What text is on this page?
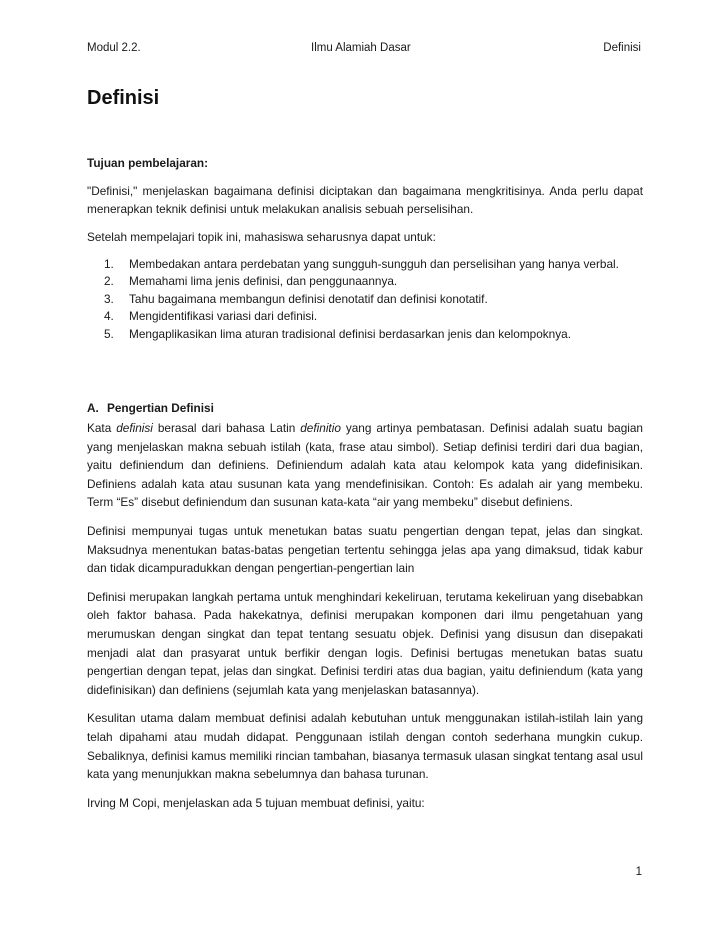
Modul 2.2.	Ilmu Alamiah Dasar	Definisi
Definisi
Tujuan pembelajaran:

"Definisi," menjelaskan bagaimana definisi diciptakan dan bagaimana mengkritisinya. Anda perlu dapat menerapkan teknik definisi untuk melakukan analisis sebuah perselisihan.

Setelah mempelajari topik ini, mahasiswa seharusnya dapat untuk:

1. Membedakan antara perdebatan yang sungguh-sungguh dan perselisihan yang hanya verbal.
2. Memahami lima jenis definisi, dan penggunaannya.
3. Tahu bagaimana membangun definisi denotatif dan definisi konotatif.
4. Mengidentifikasi variasi dari definisi.
5. Mengaplikasikan lima aturan tradisional definisi berdasarkan jenis dan kelompoknya.
A. Pengertian Definisi

Kata definisi berasal dari bahasa Latin definitio yang artinya pembatasan. Definisi adalah suatu bagian yang menjelaskan makna sebuah istilah (kata, frase atau simbol). Setiap definisi terdiri dari dua bagian, yaitu definiendum dan definiens. Definiendum adalah kata atau kelompok kata yang didefinisikan. Definiens adalah kata atau susunan kata yang mendefinisikan. Contoh: Es adalah air yang membeku. Term “Es” disebut definiendum dan susunan kata-kata “air yang membeku” disebut definiens.

Definisi mempunyai tugas untuk menetukan batas suatu pengertian dengan tepat, jelas dan singkat. Maksudnya menentukan batas-batas pengetian tertentu sehingga jelas apa yang dimaksud, tidak kabur dan tidak dicampuradukkan dengan pengertian-pengertian lain

Definisi merupakan langkah pertama untuk menghindari kekeliruan, terutama kekeliruan yang disebabkan oleh faktor bahasa. Pada hakekatnya, definisi merupakan komponen dari ilmu pengetahuan yang merumuskan dengan singkat dan tepat tentang sesuatu objek. Definisi yang disusun dan disepakati menjadi alat dan prasyarat untuk berfikir dengan logis. Definisi bertugas menetukan batas suatu pengertian dengan tepat, jelas dan singkat. Definisi terdiri atas dua bagian, yaitu definiendum (kata yang didefinisikan) dan definiens (sejumlah kata yang menjelaskan batasannya).

Kesulitan utama dalam membuat definisi adalah kebutuhan untuk menggunakan istilah-istilah lain yang telah dipahami atau mudah didapat. Penggunaan istilah dengan contoh sederhana mungkin cukup. Sebaliknya, definisi kamus memiliki rincian tambahan, biasanya termasuk ulasan singkat tentang asal usul kata yang menunjukkan makna sebelumnya dan bahasa turunan.

Irving M Copi, menjelaskan ada 5 tujuan membuat definisi, yaitu:

1
